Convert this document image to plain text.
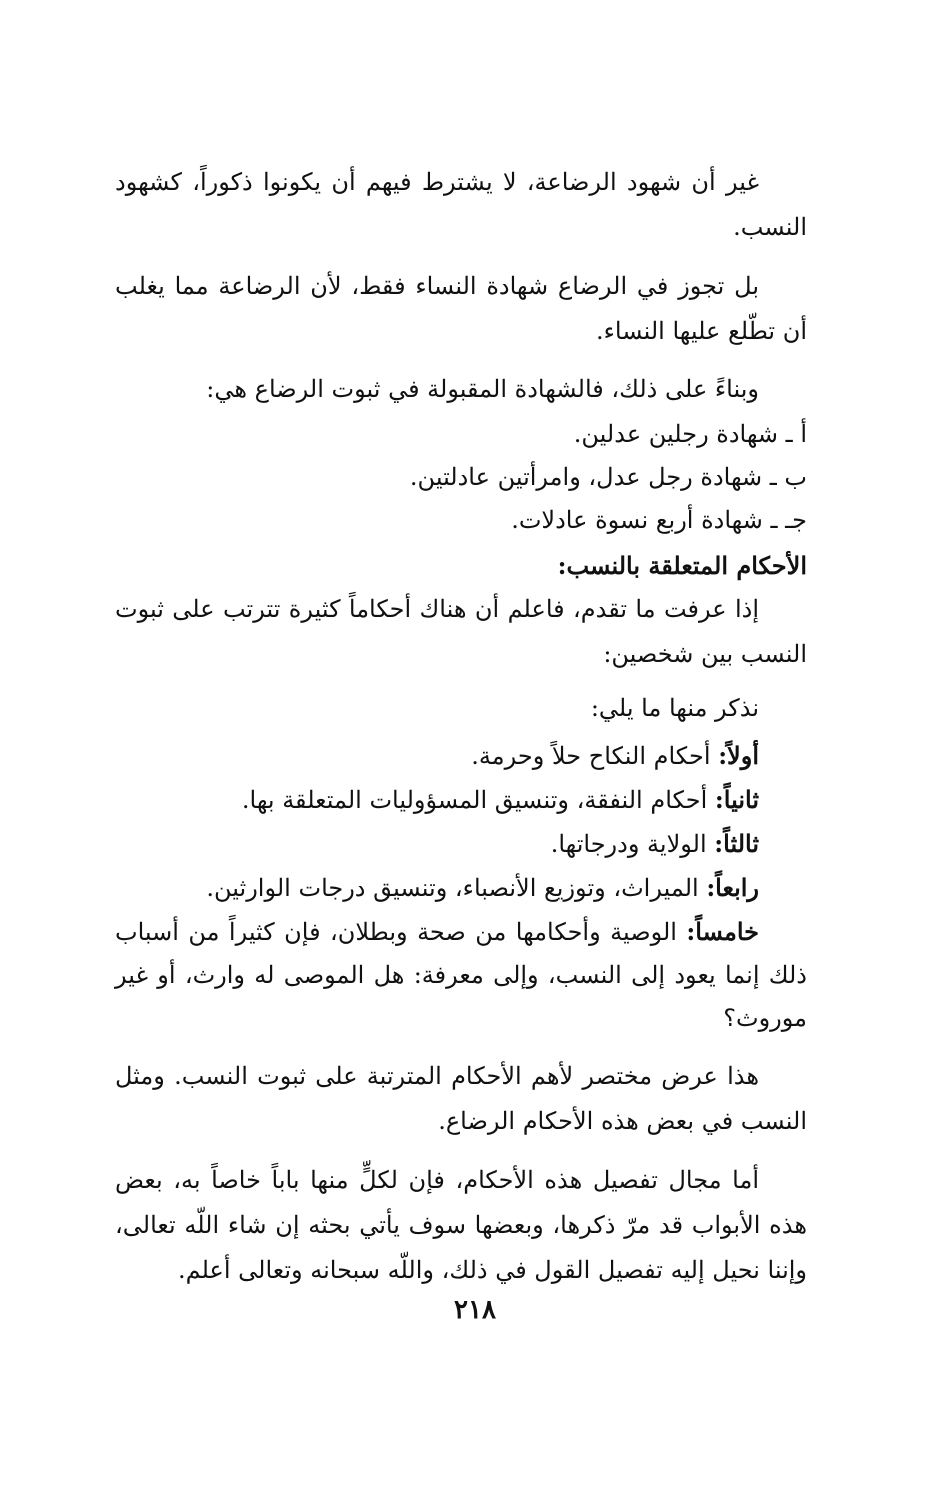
غير أن شهود الرضاعة، لا يشترط فيهم أن يكونوا ذكوراً، كشهود النسب.

بل تجوز في الرضاع شهادة النساء فقط، لأن الرضاعة مما يغلب أن تطّلع عليها النساء.

وبناءً على ذلك، فالشهادة المقبولة في ثبوت الرضاع هي:

أ ـ شهادة رجلين عدلين.

ب ـ شهادة رجل عدل، وامرأتين عادلتين.

جـ ـ شهادة أربع نسوة عادلات.

الأحكام المتعلقة بالنسب:

إذا عرفت ما تقدم، فاعلم أن هناك أحكاماً كثيرة تترتب على ثبوت النسب بين شخصين:

نذكر منها ما يلي:

أولاً: أحكام النكاح حلاً وحرمة.

ثانياً: أحكام النفقة، وتنسيق المسؤوليات المتعلقة بها.

ثالثاً: الولاية ودرجاتها.

رابعاً: الميراث، وتوزيع الأنصباء، وتنسيق درجات الوارثين.

خامساً: الوصية وأحكامها من صحة وبطلان، فإن كثيراً من أسباب ذلك إنما يعود إلى النسب، وإلى معرفة: هل الموصى له وارث، أو غير موروث؟

هذا عرض مختصر لأهم الأحكام المترتبة على ثبوت النسب. ومثل النسب في بعض هذه الأحكام الرضاع.

أما مجال تفصيل هذه الأحكام، فإن لكلٍّ منها باباً خاصاً به، بعض هذه الأبواب قد مرّ ذكرها، وبعضها سوف يأتي بحثه إن شاء اللّه تعالى، وإننا نحيل إليه تفصيل القول في ذلك، واللّه سبحانه وتعالى أعلم.

٢١٨
